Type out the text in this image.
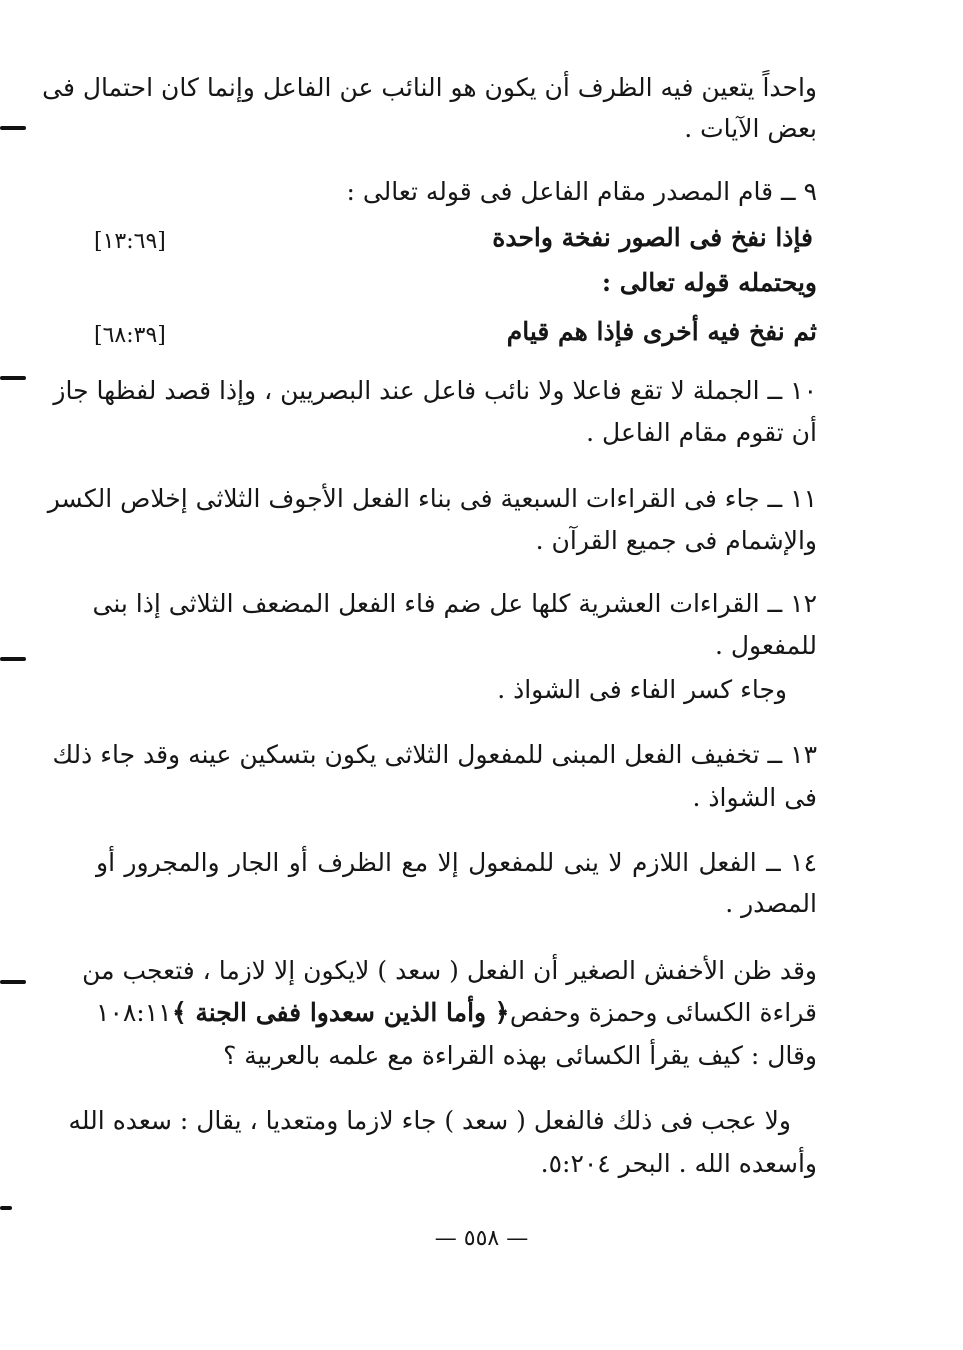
واحداً يتعين فيه الظرف أن يكون هو النائب عن الفاعل وإنما كان احتمال فى
بعض الآيات .
٩ ــ قام المصدر مقام الفاعل فى قوله تعالى :
فإذا نفخ فى الصور نفخة واحدة
[١٣:٦٩]
ويحتمله قوله تعالى :
ثم نفخ فيه أخرى فإذا هم قيام
[٦٨:٣٩]
١٠ ــ الجملة لا تقع فاعلا ولا نائب فاعل عند البصريين ، وإذا قصد لفظها جاز
أن تقوم مقام الفاعل .
١١ ــ جاء فى القراءات السبعية فى بناء الفعل الأجوف الثلاثى إخلاص الكسر
والإشمام فى جميع القرآن .
١٢ ــ القراءات العشرية كلها عل ضم فاء الفعل المضعف الثلاثى إذا بنى
للمفعول .
وجاء كسر الفاء فى الشواذ .
١٣ ــ تخفيف الفعل المبنى للمفعول الثلاثى يكون بتسكين عينه وقد جاء ذلك
فى الشواذ .
١٤ ــ الفعل اللازم لا ينى للمفعول إلا مع الظرف أو الجار والمجرور أو
المصدر .
وقد ظن الأخفش الصغير أن الفعل ( سعد ) لايكون إلا لازما ، فتعجب من
قراءة الكسائى وحمزة وحفص
﴿ وأما الذين سعدوا ففى الجنة ﴾
١٠٨:١١
وقال : كيف يقرأ الكسائى بهذه القراءة مع علمه بالعربية ؟
ولا عجب فى ذلك فالفعل ( سعد ) جاء لازما ومتعديا ، يقال : سعده الله
وأسعده الله . البحر ٥:٢٠٤.
— ٥٥٨ —
